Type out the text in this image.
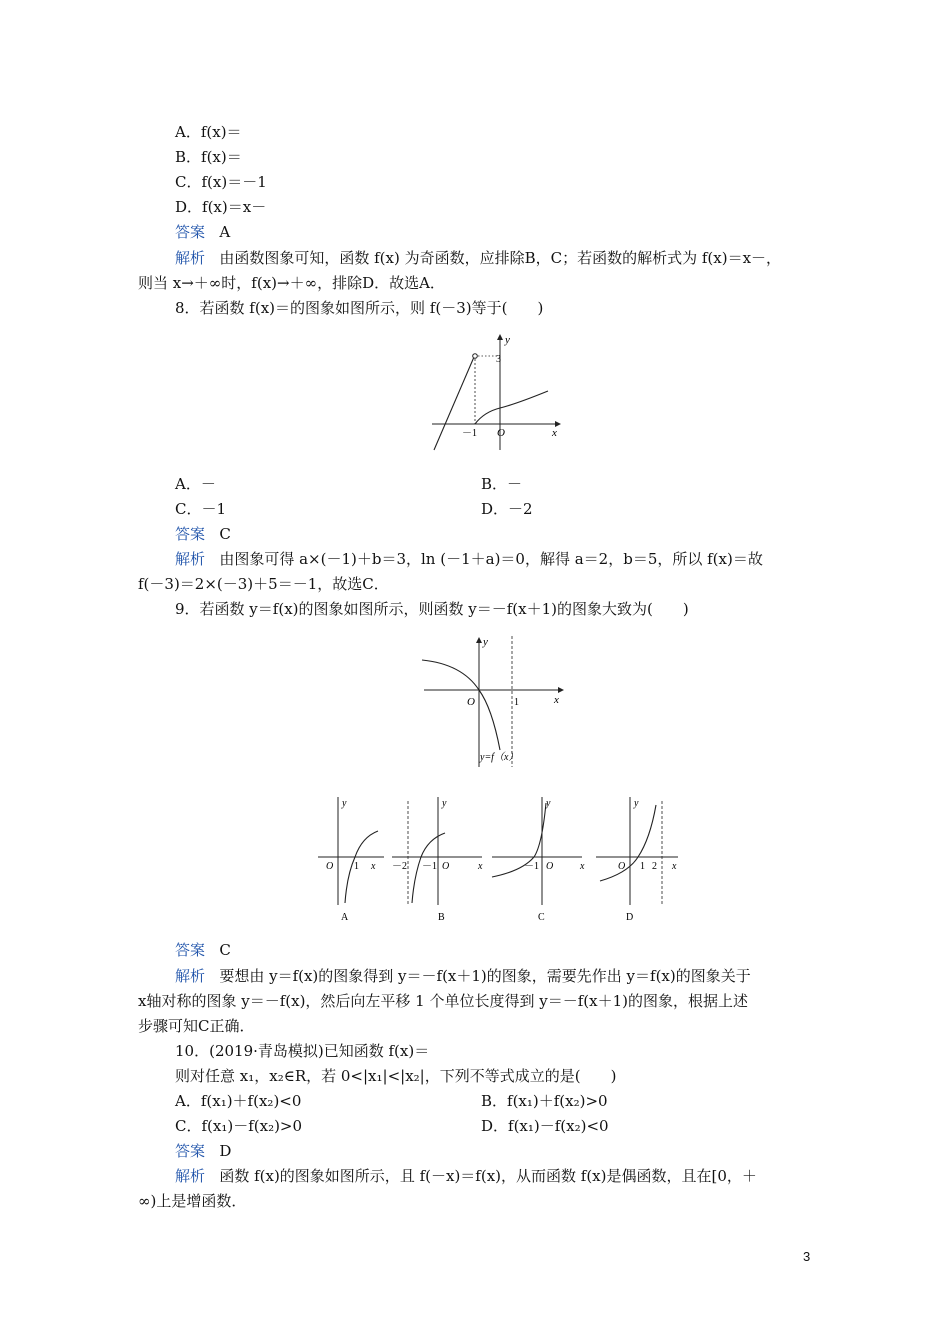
A．f(x)＝
B．f(x)＝
C．f(x)＝－1
D．f(x)＝x－
答案 A
解析 由函数图象可知，函数 f(x) 为奇函数，应排除B，C；若函数的解析式为 f(x)＝x－，
则当 x→＋∞时，f(x)→＋∞，排除D．故选A．
8．若函数 f(x)＝的图象如图所示，则 f(－3)等于(　　)
y
x
3
－1 O
A．－	B．－
C．－1	D．－2
答案 C
解析 由图象可得 a×(－1)＋b＝3，ln (－1＋a)＝0，解得 a＝2，b＝5，所以 f(x)＝故
f(－3)＝2×(－3)＋5＝－1，故选C．
9．若函数 y＝f(x)的图象如图所示，则函数 y＝－f(x＋1)的图象大致为(　　)
y
x
O	1
y=f（x）
y
O 1 x
A
y
－2 －1 O	x
B
y
－1 O	x
C
y
O 1 2 x
D
答案 C
解析 要想由 y＝f(x)的图象得到 y＝－f(x＋1)的图象，需要先作出 y＝f(x)的图象关于
x轴对称的图象 y＝－f(x)，然后向左平移 1 个单位长度得到 y＝－f(x＋1)的图象，根据上述
步骤可知C正确．
10．(2019·青岛模拟)已知函数 f(x)＝
则对任意 x₁，x₂∈R，若 0<|x₁|<|x₂|，下列不等式成立的是(　　)
A．f(x₁)＋f(x₂)<0	B．f(x₁)＋f(x₂)>0
C．f(x₁)－f(x₂)>0	D．f(x₁)－f(x₂)<0
答案 D
解析 函数 f(x)的图象如图所示，且 f(－x)＝f(x)，从而函数 f(x)是偶函数，且在[0，＋
∞)上是增函数．
3
